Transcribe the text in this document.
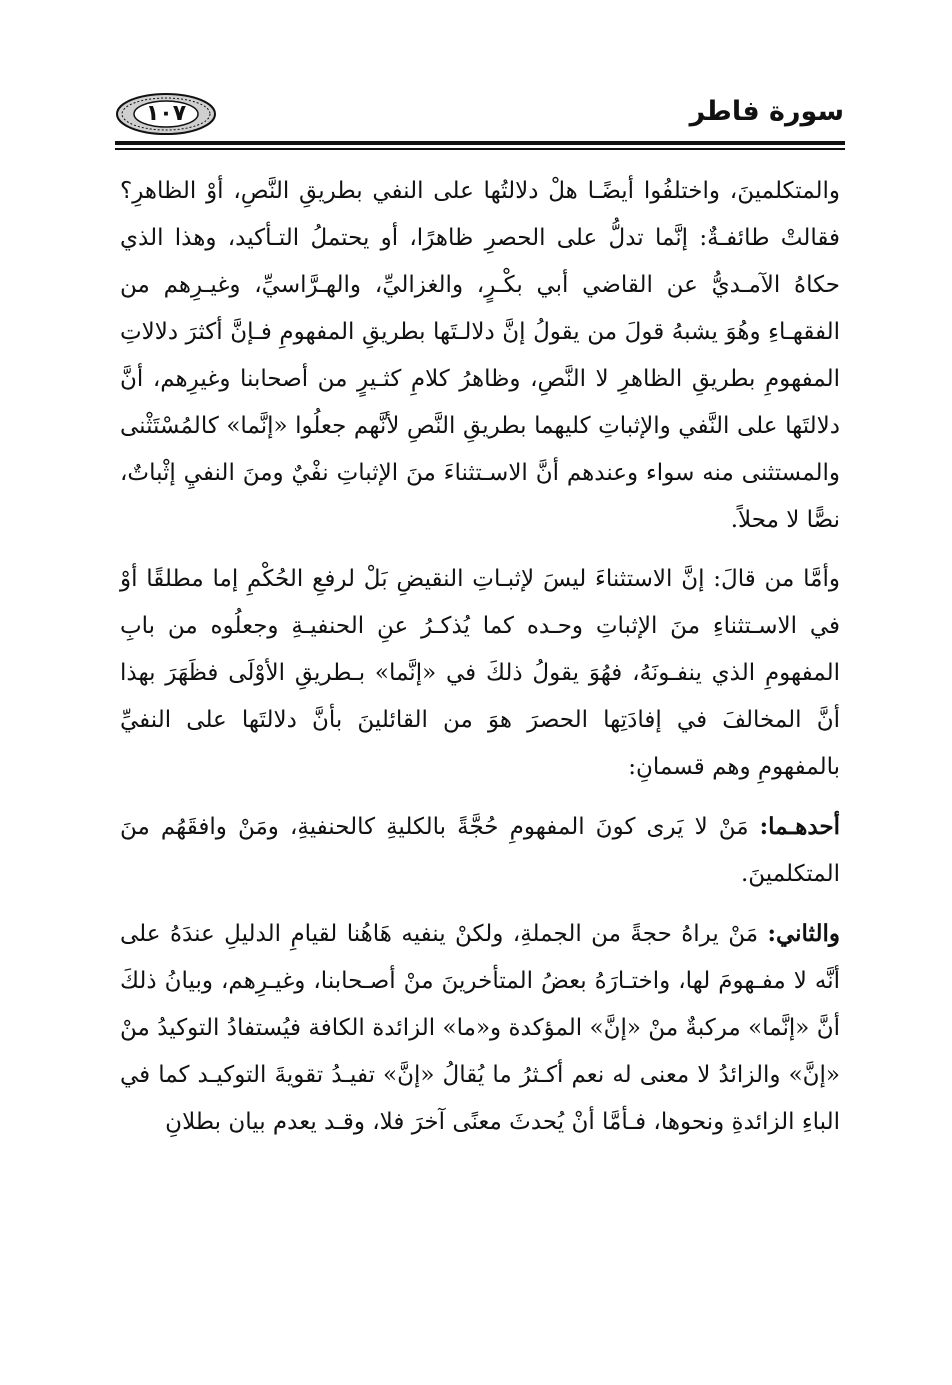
سورة فاطر
١٠٧

والمتكلمينَ، واختلفُوا أيضًـا هلْ دلالتُها على النفي بطريقِ النَّصِ، أوْ الظاهرِ؟ فقالتْ طائفـةٌ: إنَّما تدلُّ على الحصرِ ظاهرًا، أو يحتملُ التـأكيد، وهذا الذي حكاهُ الآمـديُّ عن القاضي أبي بكْـرٍ، والغزاليِّ، والهـرَّاسيِّ، وغيـرِهم من الفقهـاءِ وهُوَ يشبهُ قولَ من يقولُ إنَّ دلالـتَها بطريقِ المفهومِ فـإنَّ أكثرَ دلالاتِ المفهومِ بطريقِ الظاهرِ لا النَّصِ، وظاهرُ كلامِ كثـيرٍ من أصحابنا وغيرِهم، أنَّ دلالتَها على النَّفي والإثباتِ كليهما بطريقِ النَّصِ لأنَّهم جعلُوا «إنَّما» كالمُسْتَثْنى والمستثنى منه سواء وعندهم أنَّ الاسـتثناءَ منَ الإثباتِ نفْيٌ ومنَ النفيِ إثْباتٌ، نصًّا لا محلاً.

وأمَّا من قالَ: إنَّ الاستثناءَ ليسَ لإثبـاتِ النقيضِ بَلْ لرفعِ الحُكْمِ إما مطلقًا أوْ في الاسـتثناءِ منَ الإثباتِ وحـده كما يُذكـرُ عنِ الحنفيـةِ وجعلُوه من بابِ المفهومِ الذي ينفـونَهُ، فهُوَ يقولُ ذلكَ في «إنَّما» بـطريقِ الأوْلَى فظَهَرَ بهذا أنَّ المخالفَ في إفادَتِها الحصرَ هوَ من القائلينَ بأنَّ دلالتَها على النفيِّ بالمفهومِ وهم قسمانِ:

أحدهـما: مَنْ لا يَرى كونَ المفهومِ حُجَّةً بالكليةِ كالحنفيةِ، ومَنْ وافقَهُم منَ المتكلمينَ.

والثاني: مَنْ يراهُ حجةً من الجملةِ، ولكنْ ينفيه هَاهُنا لقيامِ الدليلِ عندَهُ على أنَّه لا مفـهومَ لها، واختـارَهُ بعضُ المتأخرينَ منْ أصـحابنا، وغيـرِهم، وبيانُ ذلكَ أنَّ «إنَّما» مركبةٌ منْ «إنَّ» المؤكدة و«ما» الزائدة الكافة فيُستفادُ التوكيدُ منْ «إنَّ» والزائدُ لا معنى له نعم أكـثرُ ما يُقالُ «إنَّ» تفيـدُ تقويةَ التوكيـد كما في الباءِ الزائدةِ ونحوها، فـأمَّا أنْ يُحدثَ معنًى آخرَ فلا، وقـد يعدم بيان بطلانِ
